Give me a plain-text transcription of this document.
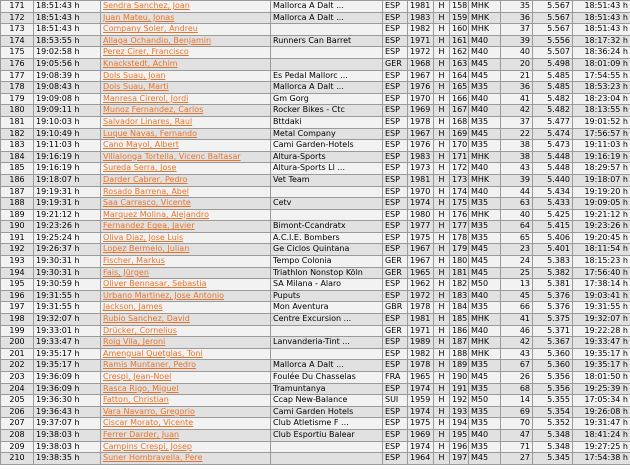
171	18:51:43 h	Sendra Sanchez, Joan	Mallorca A Dalt ...	ESP	1981	H	158	MHK	35	5.567	18:51:43 h
172	18:51:43 h	Juan Mateu, Jonas	Mallorca A Dalt ...	ESP	1983	H	159	MHK	36	5.567	18:51:43 h
173	18:51:43 h	Company Soler, Andreu		ESP	1982	H	160	MHK	37	5.567	18:51:43 h
174	18:53:55 h	Allaga Ochandio, Benjamin	Runners Can Barret	ESP	1971	H	161	M40	39	5.556	18:17:32 h
175	19:02:58 h	Perez Cirer, Francisco		ESP	1972	H	162	M40	40	5.507	18:36:24 h
176	19:05:56 h	Knackstedt, Achim		GER	1968	H	163	M45	20	5.498	18:01:09 h
177	19:08:39 h	Dols Suau, Joan	Es Pedal Mallorc ...	ESP	1967	H	164	M45	21	5.485	17:54:55 h
178	19:08:43 h	Dols Suau, Marti	Mallorca A Dalt ...	ESP	1976	H	165	M35	36	5.485	18:53:23 h
179	19:09:08 h	Manresa Cirerol, Jordi	Gm Gorg	ESP	1970	H	166	M40	41	5.482	18:23:04 h
180	19:09:11 h	Munoz Fernandez, Carlos	Rocker Bikes - Ctc	ESP	1969	H	167	M40	42	5.482	18:13:55 h
181	19:10:03 h	Salvador Linares, Raul	Bttdaki	ESP	1978	H	168	M35	37	5.477	19:01:52 h
182	19:10:49 h	Luque Navas, Fernando	Metal Company	ESP	1967	H	169	M45	22	5.474	17:56:57 h
183	19:11:03 h	Cano Mayol, Albert	Cami Garden-Hotels	ESP	1976	H	170	M35	38	5.473	19:11:03 h
184	19:16:19 h	Villalonga Tortella, Vicenc Baltasar	Altura-Sports	ESP	1983	H	171	MHK	38	5.448	19:16:19 h
185	19:16:19 h	Sureda Serra, Jose	Altura-Sports Ll ...	ESP	1973	H	172	M40	43	5.448	18:29:57 h
186	19:18:07 h	Darder Cabrer, Pedro	Vet Team	ESP	1981	H	173	MHK	39	5.440	19:18:07 h
187	19:19:31 h	Rosado Barrena, Abel		ESP	1970	H	174	M40	44	5.434	19:19:20 h
188	19:19:31 h	Saa Carrasco, Vicente	Cetv	ESP	1974	H	175	M35	63	5.433	19:09:05 h
189	19:21:12 h	Marquez Molina, Alejandro		ESP	1980	H	176	MHK	40	5.425	19:21:12 h
190	19:23:26 h	Fernandez Egea, Javier	Bimont-Ccandratx	ESP	1977	H	177	M35	64	5.415	19:23:26 h
191	19:25:24 h	Oliva Diaz, Jose Luis	A.C.I.E. Bombers	ESP	1975	H	178	M35	65	5.406	19:20:45 h
192	19:26:37 h	Lopez Bermelo, Julian	Ge Ciclos Quintana	ESP	1967	H	179	M45	23	5.401	18:11:54 h
193	19:30:31 h	Fischer, Markus	Tempo Colonia	GER	1967	H	180	M45	24	5.383	18:15:23 h
194	19:30:31 h	Fais, Jürgen	Triathlon Nonstop Köln	GER	1965	H	181	M45	25	5.382	17:56:40 h
195	19:30:59 h	Oliver Bennasar, Sebastia	SA Milana - Alaro	ESP	1962	H	182	M50	13	5.381	17:38:14 h
196	19:31:55 h	Urbano Martinez, Jose Antonio	Puputs	ESP	1972	H	183	M40	45	5.376	19:03:41 h
197	19:31:55 h	Jackson, James	Mon Aventura	GBR	1978	H	184	M35	66	5.376	19:31:55 h
198	19:32:07 h	Rubio Sanchez, David	Centre Excursion ...	ESP	1981	H	185	MHK	41	5.375	19:32:07 h
199	19:33:01 h	Drücker, Cornelius		GER	1971	H	186	M40	46	5.371	19:22:28 h
200	19:33:47 h	Roig Vila, Jeroni	Lanvanderia-Tint ...	ESP	1989	H	187	MHK	42	5.367	19:33:47 h
201	19:35:17 h	Amengual Quetglas, Toni		ESP	1982	H	188	MHK	43	5.360	19:35:17 h
202	19:35:17 h	Ramis Muntaner, Pedro	Mallorca A Dalt ...	ESP	1978	H	189	M35	67	5.360	19:35:17 h
203	19:36:09 h	Crespi, Jean-Noel	Foulée Du Chasselas	FRA	1965	H	190	M45	26	5.356	18:01:50 h
204	19:36:09 h	Rasca Rigo, Miguel	Tramuntanya	ESP	1974	H	191	M35	68	5.356	19:25:39 h
205	19:36:30 h	Fatton, Christian	Ccap New-Balance	SUI	1959	H	192	M50	14	5.355	17:05:34 h
206	19:36:43 h	Vara Navarro, Gregorio	Cami Garden Hotels	ESP	1974	H	193	M35	69	5.354	19:26:08 h
207	19:37:07 h	Ciscar Morato, Vicente	Club Atletisme F ...	ESP	1975	H	194	M35	70	5.352	19:31:47 h
208	19:38:03 h	Ferrer Darder, Juan	Club Esportiu Balear	ESP	1969	H	195	M40	47	5.348	18:41:24 h
209	19:38:03 h	Campins Crespi, Josep		ESP	1974	H	196	M35	71	5.348	19:27:25 h
210	19:38:35 h	Suner Hombravella, Pere		ESP	1964	H	197	M45	27	5.345	17:54:38 h
